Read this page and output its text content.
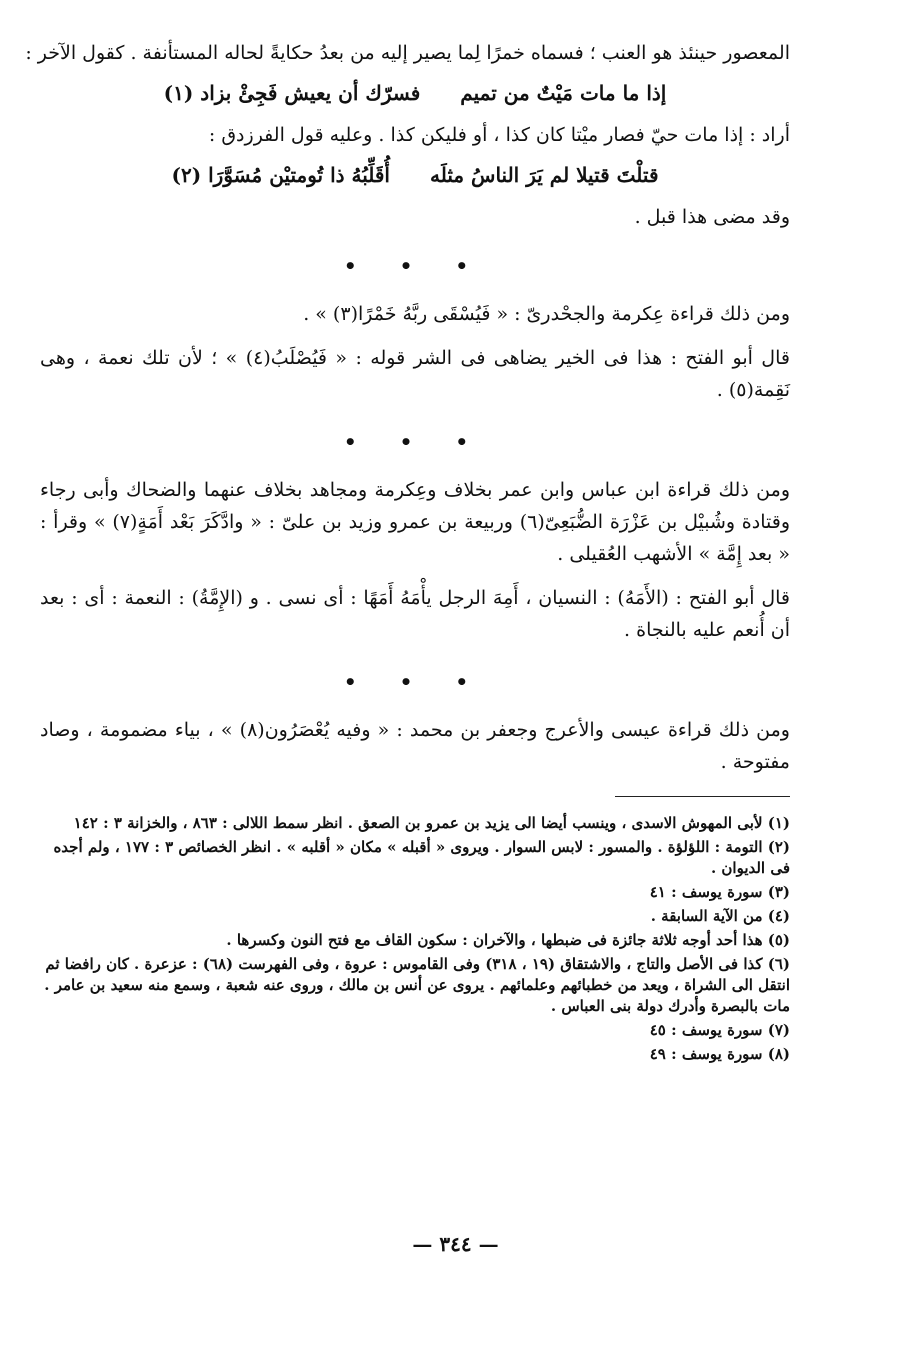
المعصور حينئذ هو العنب ؛ فسماه خمرًا لِما يصير إليه من بعدُ حكايةً لحاله المستأنفة . كقول الآخر :

إذا ما مات مَيْتٌ من تميم
فسرّك أن يعيش فَجِئْ بزاد (١)

أراد : إذا مات حيّ فصار ميْتا كان كذا ، أو فليكن كذا . وعليه قول الفرزدق :

قتلْتَ قتيلا لم يَرَ الناسُ مثلَه
أُقَلِّبُهُ ذا تُومتيْن مُسَوَّرَا (٢)

وقد مضى هذا قبل .

• • •

ومن ذلك قراءة عِكرمة والجحْدرىّ : « فَيُسْقَى ربَّهُ خَمْرًا(٣) » .

قال أبو الفتح : هذا فى الخير يضاهى فى الشر قوله : « فَيُصْلَبُ(٤) » ؛ لأن تلك نعمة ، وهى نَقِمة(٥) .

• • •

ومن ذلك قراءة ابن عباس وابن عمر بخلاف وعِكرمة ومجاهد بخلاف عنهما والضحاك وأبى رجاء وقتادة وشُبيْل بن عَزْرَة الضُّبَعِىّ(٦) وربيعة بن عمرو وزيد بن علىّ : « وادَّكَرَ بَعْد أَمَةٍ(٧) » وقرأ : « بعد إِمَّة » الأشهب العُقيلى .

قال أبو الفتح : (الأَمَهُ) : النسيان ، أَمِهَ الرجل يأْمَهُ أَمَهًا : أى نسى . و (الإِمَّةُ) : النعمة : أى : بعد أن أُنعم عليه بالنجاة .

• • •

ومن ذلك قراءة عيسى والأعرج وجعفر بن محمد : « وفيه يُعْصَرُون(٨) » ، بياء مضمومة ، وصاد مفتوحة .

(١) لأبى المهوش الاسدى ، وينسب أيضا الى يزيد بن عمرو بن الصعق . انظر سمط اللالى : ٨٦٣ ، والخزانة ٣ : ١٤٢

(٢) التومة : اللؤلؤة . والمسور : لابس السوار . ويروى « أقبله » مكان « أقلبه » . انظر الخصائص ٣ : ١٧٧ ، ولم أجده فى الديوان .

(٣) سورة يوسف : ٤١

(٤) من الآية السابقة .

(٥) هذا أحد أوجه ثلاثة جائزة فى ضبطها ، والآخران : سكون القاف مع فتح النون وكسرها .

(٦) كذا فى الأصل والتاج ، والاشتقاق (١٩ ، ٣١٨) وفى القاموس : عروة ، وفى الفهرست (٦٨) : عزعرة . كان رافضا ثم انتقل الى الشراة ، ويعد من خطبائهم وعلمائهم . يروى عن أنس بن مالك ، وروى عنه شعبة ، وسمع منه سعيد بن عامر . مات بالبصرة وأدرك دولة بنى العباس .

(٧) سورة يوسف : ٤٥

(٨) سورة يوسف : ٤٩

— ٣٤٤ —
